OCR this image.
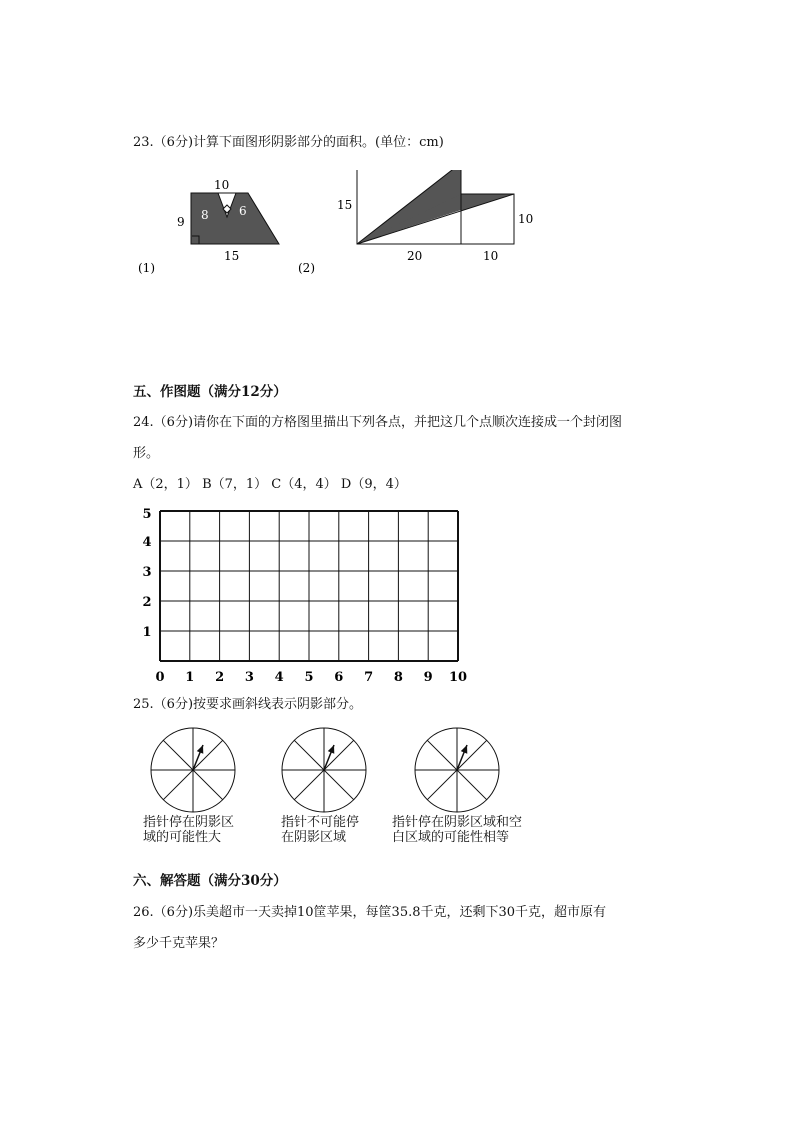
23.（6分)计算下面图形阴影部分的面积。(单位：cm)
10
9 8	6
15
(1)
15
10
20	10
(2)
五、作图题（满分12分）
24.（6分)请你在下面的方格图里描出下列各点，并把这几个点顺次连接成一个封闭图
形。
A（2，1） B（7，1） C（4，4） D（9，4）
0 1 2 3 4 5 6 7 8 9 10
1
2
3
4
5
25.（6分)按要求画斜线表示阴影部分。
指针停在阴影区
域的可能性大
指针不可能停
在阴影区域
指针停在阴影区域和空
白区域的可能性相等
六、解答题（满分30分）
26.（6分)乐美超市一天卖掉10筐苹果，每筐35.8千克，还剩下30千克，超市原有
多少千克苹果？
